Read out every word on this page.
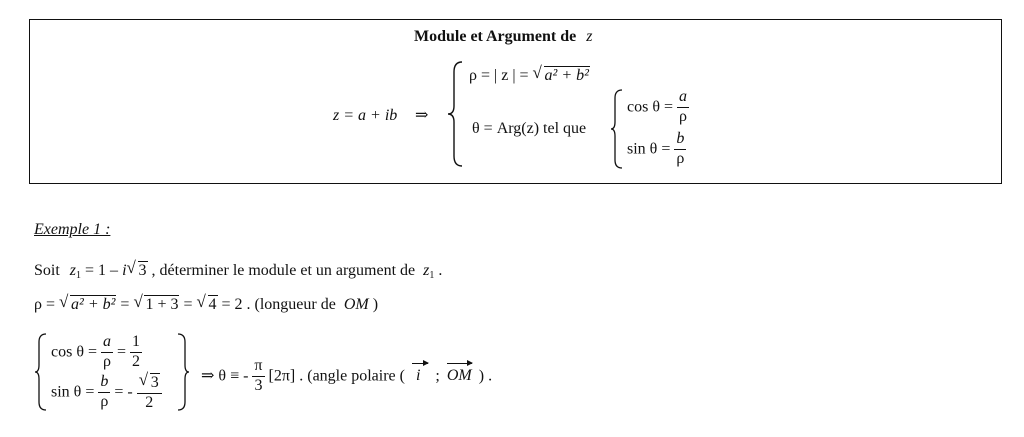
Module et Argument de z
z = a + ib ⇒
ρ = | z | = √ a² + b²
θ = Arg(z) tel que
$\cos \theta = \frac{a}{\rho}$
$\sin \theta = \frac{b}{\rho}$
Exemple 1 :
Soit $z_1 = 1 - i$ √ 3 , déterminer le module et un argument de $z_1$ .
ρ = √ a² + b² = √ 1 + 3 = √ 4 = 2 . (longueur de OM )
$\cos \theta = \frac{a}{\rho} = \frac{1}{2}$
$\sin \theta = \frac{b}{\rho}$ = - $\frac{√ 3}{2}$ ⇒ θ ≡ - $\frac{\pi}{3} [2\pi]$ . (angle polaire ( i ; OM ) .
